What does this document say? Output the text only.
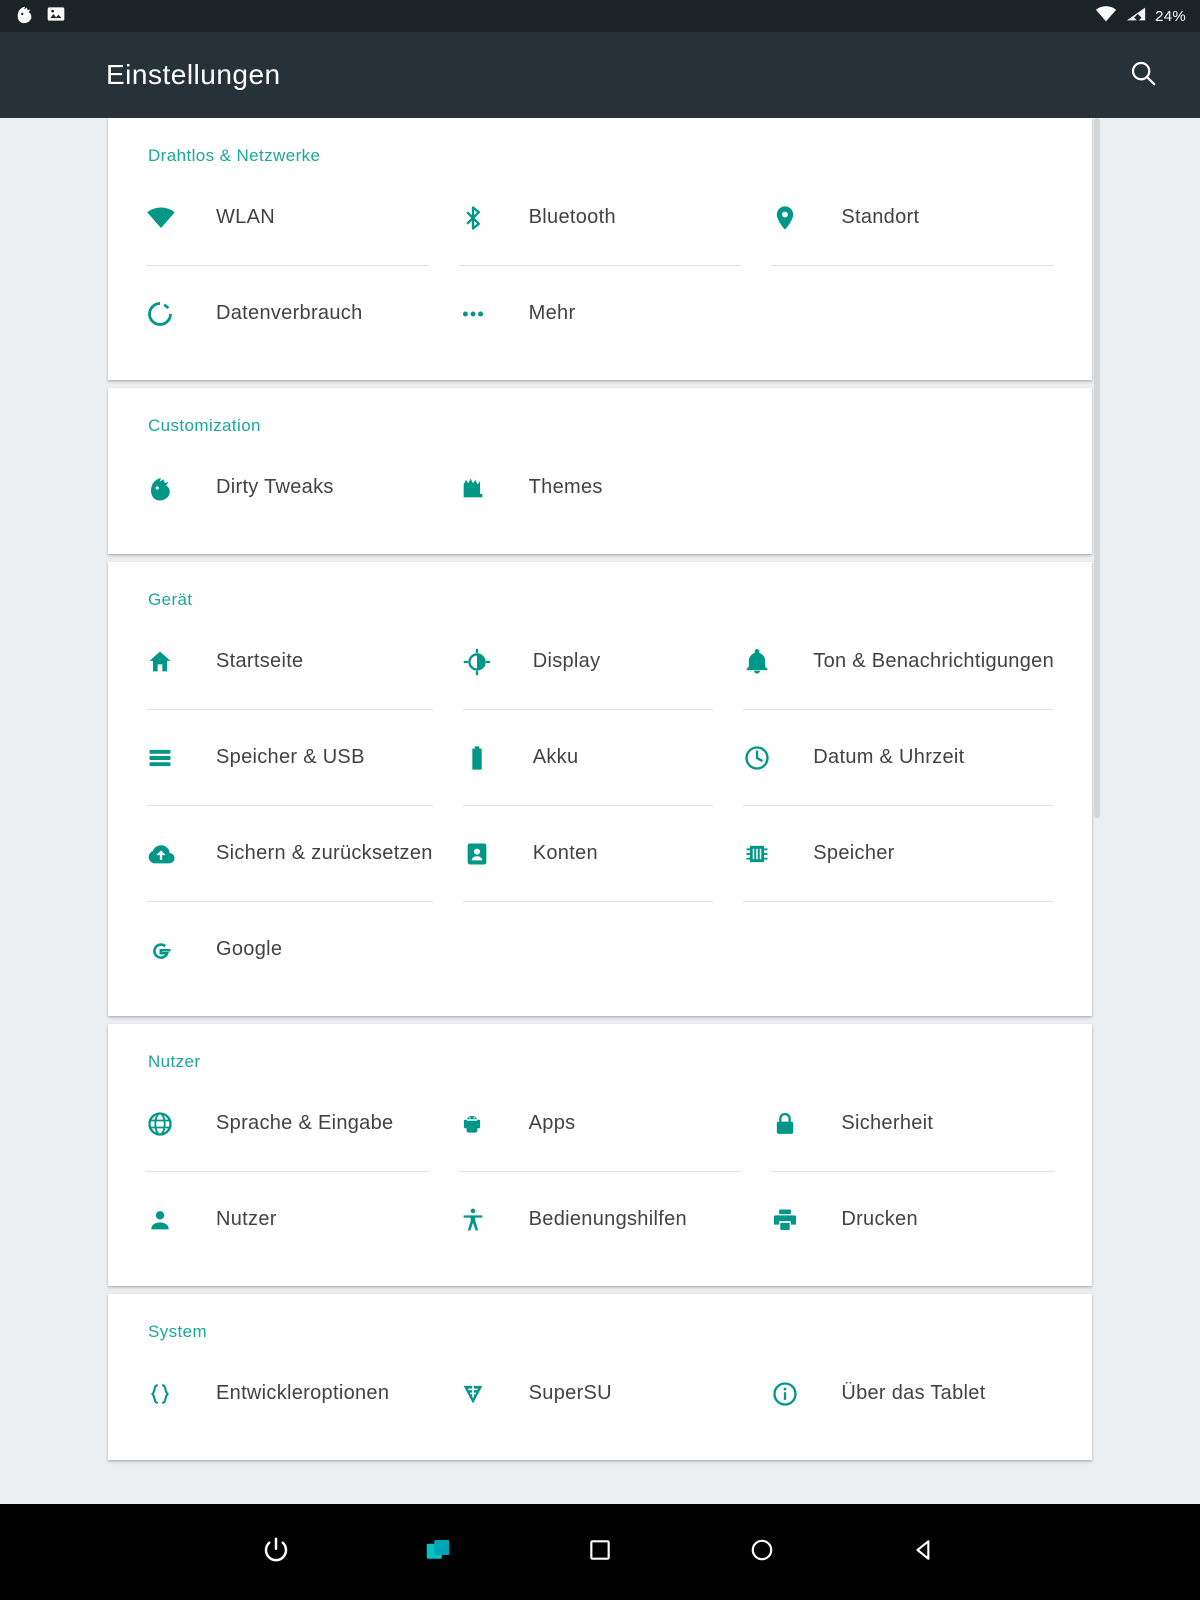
24%
Einstellungen
Drahtlos & Netzwerke
WLAN	Bluetooth	Standort
Datenverbrauch	Mehr
Customization
Dirty Tweaks	Themes
Gerät
Startseite	Display	Ton & Benachrichtigungen
Speicher & USB	Akku	Datum & Uhrzeit
Sichern & zurücksetzen	Konten	Speicher
Google
Nutzer
Sprache & Eingabe	Apps	Sicherheit
Nutzer	Bedienungshilfen	Drucken
System
Entwickleroptionen	SuperSU	Über das Tablet
